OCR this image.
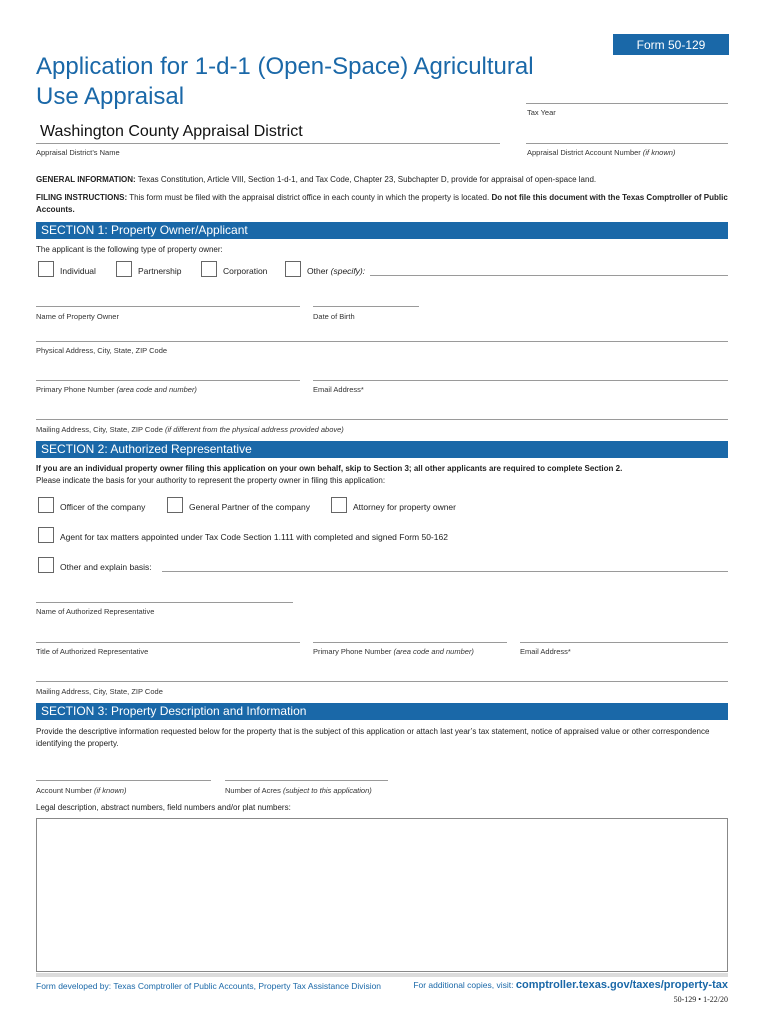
Form 50-129
Application for 1-d-1 (Open-Space) Agricultural
Use Appraisal
Tax Year
Washington County Appraisal District
Appraisal District’s Name	Appraisal District Account Number (if known)
GENERAL INFORMATION: Texas Constitution, Article VIII, Section 1-d-1, and Tax Code, Chapter 23, Subchapter D, provide for appraisal of open-space land.
FILING INSTRUCTIONS: This form must be filed with the appraisal district office in each county in which the property is located. Do not file this document with the Texas Comptroller of Public Accounts.
SECTION 1: Property Owner/Applicant
The applicant is the following type of property owner:
Individual	Partnership	Corporation	Other (specify):
Name of Property Owner	Date of Birth
Physical Address, City, State, ZIP Code
Primary Phone Number (area code and number)	Email Address*
Mailing Address, City, State, ZIP Code (if different from the physical address provided above)
SECTION 2: Authorized Representative
If you are an individual property owner filing this application on your own behalf, skip to Section 3; all other applicants are required to complete Section 2.
Please indicate the basis for your authority to represent the property owner in filing this application:
Officer of the company	General Partner of the company	Attorney for property owner
Agent for tax matters appointed under Tax Code Section 1.111 with completed and signed Form 50-162
Other and explain basis:
Name of Authorized Representative
Title of Authorized Representative	Primary Phone Number (area code and number)	Email Address*
Mailing Address, City, State, ZIP Code
SECTION 3: Property Description and Information
Provide the descriptive information requested below for the property that is the subject of this application or attach last year’s tax statement, notice of appraised value or other correspondence identifying the property.
Account Number (if known)	Number of Acres (subject to this application)
Legal description, abstract numbers, field numbers and/or plat numbers:
Form developed by: Texas Comptroller of Public Accounts, Property Tax Assistance Division	For additional copies, visit: comptroller.texas.gov/taxes/property-tax
50-129 • 1-22/20
